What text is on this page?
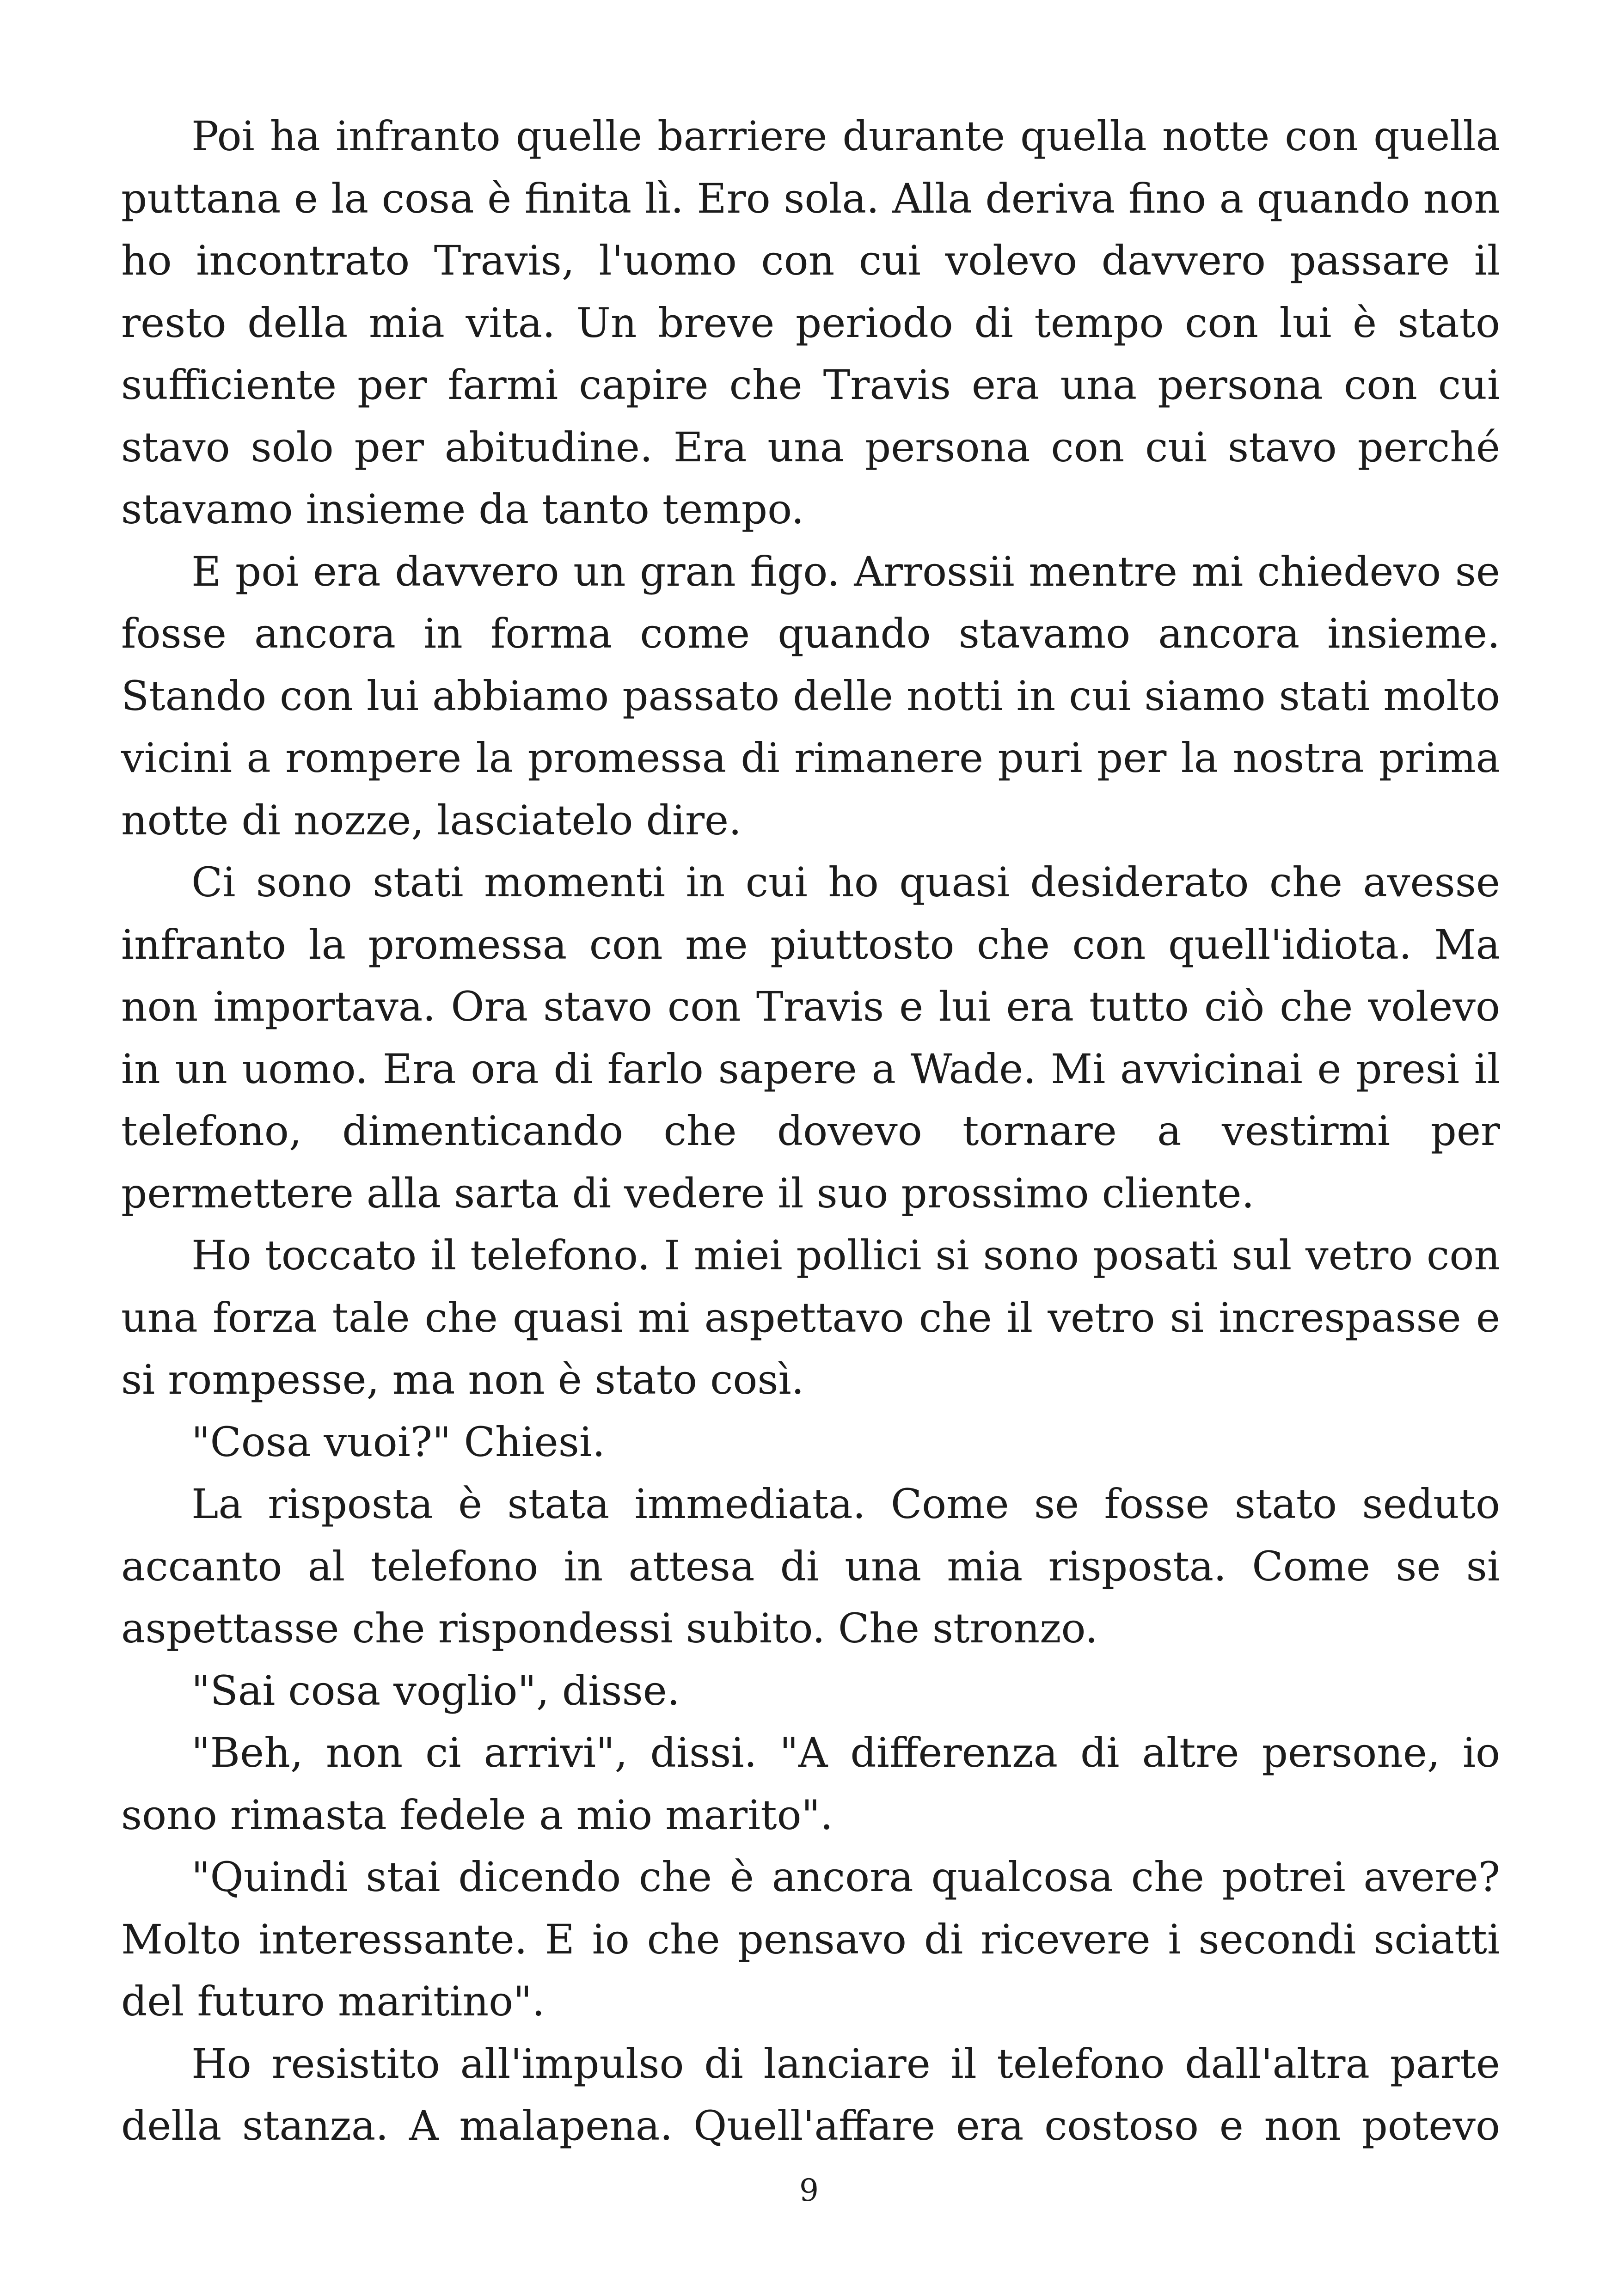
Poi ha infranto quelle barriere durante quella notte con quella puttana e la cosa è finita lì. Ero sola. Alla deriva fino a quando non ho incontrato Travis, l'uomo con cui volevo davvero passare il resto della mia vita. Un breve periodo di tempo con lui è stato sufficiente per farmi capire che Travis era una persona con cui stavo solo per abitudine. Era una persona con cui stavo perché stavamo insieme da tanto tempo.

E poi era davvero un gran figo. Arrossii mentre mi chiedevo se fosse ancora in forma come quando stavamo ancora insieme. Stando con lui abbiamo passato delle notti in cui siamo stati molto vicini a rompere la promessa di rimanere puri per la nostra prima notte di nozze, lasciatelo dire.

Ci sono stati momenti in cui ho quasi desiderato che avesse infranto la promessa con me piuttosto che con quell'idiota. Ma non importava. Ora stavo con Travis e lui era tutto ciò che volevo in un uomo. Era ora di farlo sapere a Wade. Mi avvicinai e presi il telefono, dimenticando che dovevo tornare a vestirmi per permettere alla sarta di vedere il suo prossimo cliente.

Ho toccato il telefono. I miei pollici si sono posati sul vetro con una forza tale che quasi mi aspettavo che il vetro si increspasse e si rompesse, ma non è stato così.

"Cosa vuoi?" Chiesi.

La risposta è stata immediata. Come se fosse stato seduto accanto al telefono in attesa di una mia risposta. Come se si aspettasse che rispondessi subito. Che stronzo.

"Sai cosa voglio", disse.

"Beh, non ci arrivi", dissi. "A differenza di altre persone, io sono rimasta fedele a mio marito".

"Quindi stai dicendo che è ancora qualcosa che potrei avere? Molto interessante. E io che pensavo di ricevere i secondi sciatti del futuro maritino".

Ho resistito all'impulso di lanciare il telefono dall'altra parte della stanza. A malapena. Quell'affare era costoso e non potevo

9
